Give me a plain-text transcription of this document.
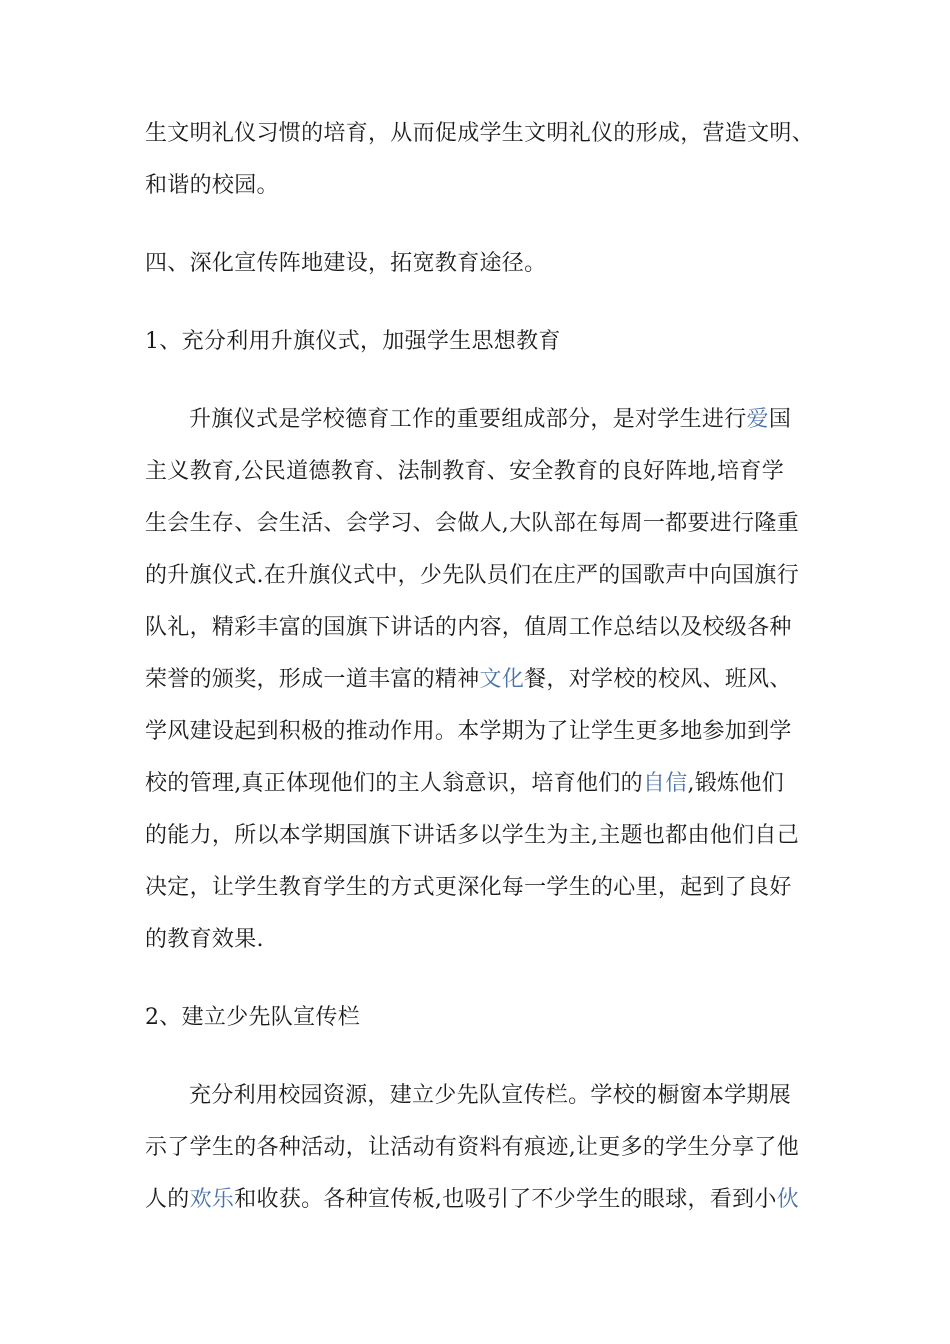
生文明礼仪习惯的培育，从而促成学生文明礼仪的形成，营造文明、
和谐的校园。
四、深化宣传阵地建设，拓宽教育途径。
1、充分利用升旗仪式，加强学生思想教育
升旗仪式是学校德育工作的重要组成部分，是对学生进行爱国
主义教育,公民道德教育、法制教育、安全教育的良好阵地,培育学
生会生存、会生活、会学习、会做人,大队部在每周一都要进行隆重
的升旗仪式.在升旗仪式中，少先队员们在庄严的国歌声中向国旗行
队礼，精彩丰富的国旗下讲话的内容，值周工作总结以及校级各种
荣誉的颁奖，形成一道丰富的精神文化餐，对学校的校风、班风、
学风建设起到积极的推动作用。本学期为了让学生更多地参加到学
校的管理,真正体现他们的主人翁意识，培育他们的自信,锻炼他们
的能力，所以本学期国旗下讲话多以学生为主,主题也都由他们自己
决定，让学生教育学生的方式更深化每一学生的心里，起到了良好
的教育效果.
2、建立少先队宣传栏
充分利用校园资源，建立少先队宣传栏。学校的橱窗本学期展
示了学生的各种活动，让活动有资料有痕迹,让更多的学生分享了他
人的欢乐和收获。各种宣传板,也吸引了不少学生的眼球，看到小伙
